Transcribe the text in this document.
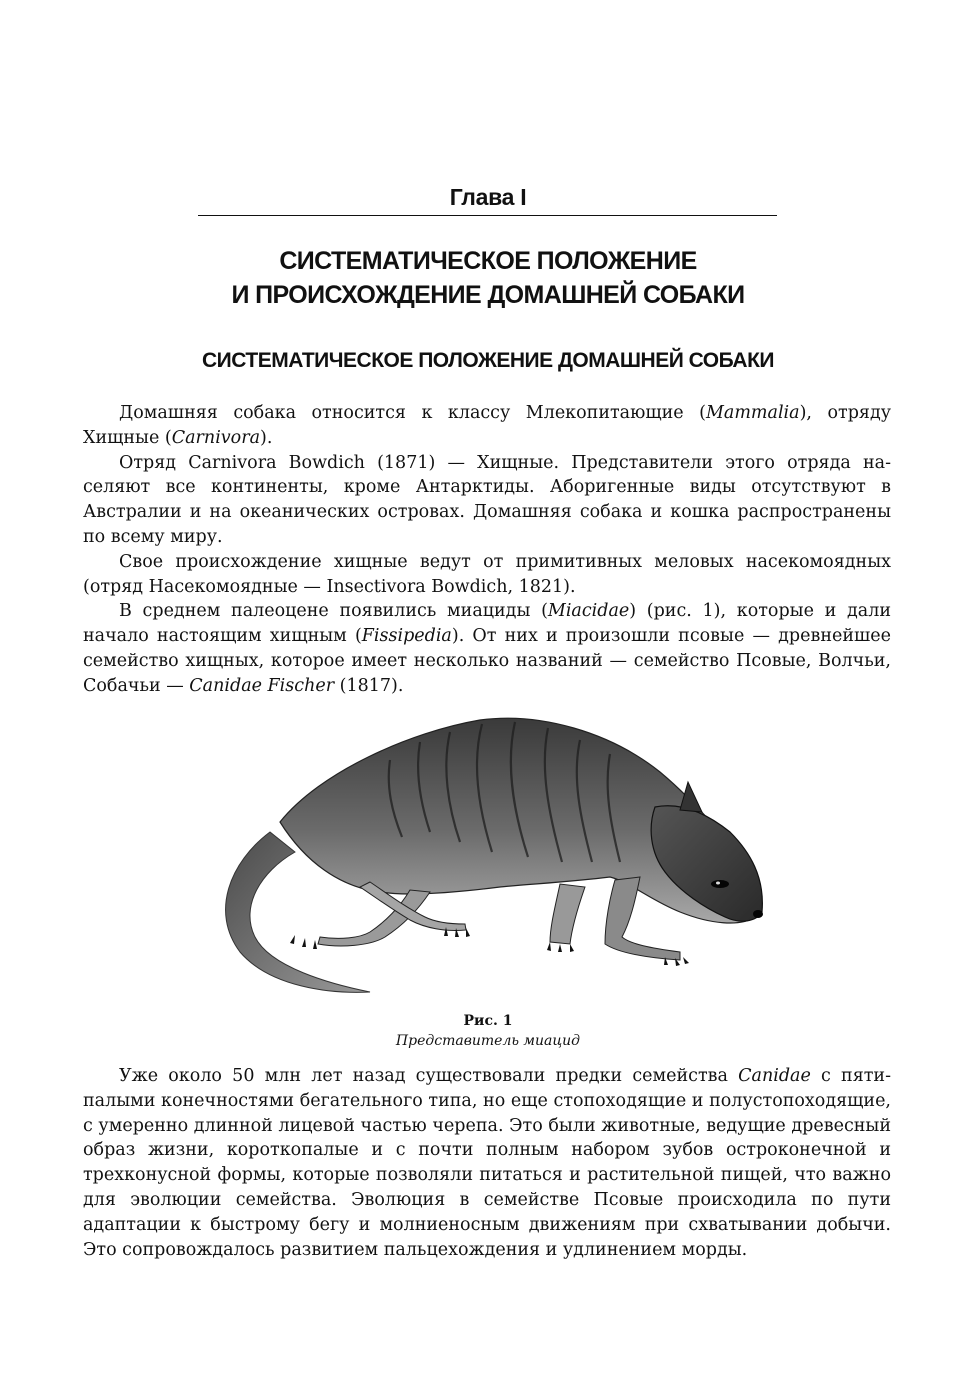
Глава I
СИСТЕМАТИЧЕСКОЕ ПОЛОЖЕНИЕ
И ПРОИСХОЖДЕНИЕ ДОМАШНЕЙ СОБАКИ
СИСТЕМАТИЧЕСКОЕ ПОЛОЖЕНИЕ ДОМАШНЕЙ СОБАКИ

Домашняя собака относится к классу Млекопитающие (Mammalia), отряду Хищные (Carnivora).

Отряд Carnivora Bowdich (1871) — Хищные. Представители этого отряда населяют все континенты, кроме Антарктиды. Аборигенные виды отсутствуют в Австралии и на океанических островах. Домашняя собака и кошка распространены по всему миру.

Свое происхождение хищные ведут от примитивных меловых насекомоядных (отряд Насекомоядные — Insectivora Bowdich, 1821).

В среднем палеоцене появились миациды (Miacidae) (рис. 1), которые и дали начало настоящим хищным (Fissipedia). От них и произошли псовые — древнейшее семейство хищных, которое имеет несколько названий — семейство Псовые, Волчьи, Собачьи — Canidae Fischer (1817).

Рис. 1
Представитель миацид

Уже около 50 млн лет назад существовали предки семейства Canidae с пятипалыми конечностями бегательного типа, но еще стопоходящие и полустопоходящие, с умеренно длинной лицевой частью черепа. Это были животные, ведущие древесный образ жизни, короткопалые и с почти полным набором зубов остроконечной и трехконусной формы, которые позволяли питаться и растительной пищей, что важно для эволюции семейства. Эволюция в семействе Псовые происходила по пути адаптации к быстрому бегу и молниеносным движениям при схватывании добычи. Это сопровождалось развитием пальцехождения и удлинением морды.
